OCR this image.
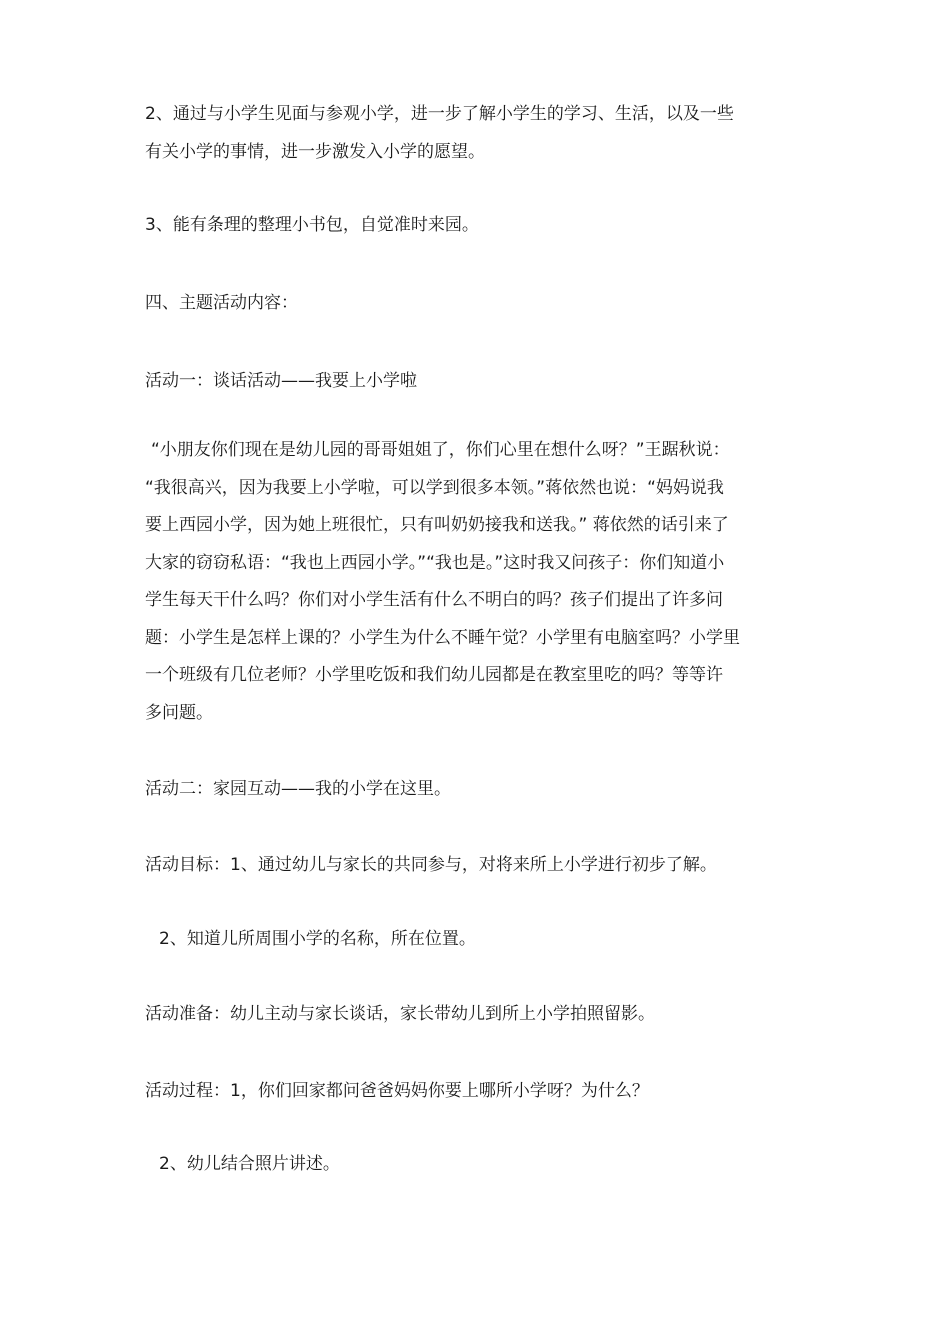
2、通过与小学生见面与参观小学，进一步了解小学生的学习、生活，以及一些
有关小学的事情，进一步激发入小学的愿望。

3、能有条理的整理小书包，自觉准时来园。

四、主题活动内容：

活动一：谈话活动——我要上小学啦

“小朋友你们现在是幼儿园的哥哥姐姐了，你们心里在想什么呀？”王踞秋说：
“我很高兴，因为我要上小学啦，可以学到很多本领。”蒋依然也说：“妈妈说我
要上西园小学，因为她上班很忙，只有叫奶奶接我和送我。” 蒋依然的话引来了
大家的窃窃私语：“我也上西园小学。”“我也是。”这时我又问孩子：你们知道小
学生每天干什么吗？你们对小学生活有什么不明白的吗？孩子们提出了许多问
题：小学生是怎样上课的？小学生为什么不睡午觉？小学里有电脑室吗？小学里
一个班级有几位老师？小学里吃饭和我们幼儿园都是在教室里吃的吗？等等许
多问题。

活动二：家园互动——我的小学在这里。

活动目标：1、通过幼儿与家长的共同参与，对将来所上小学进行初步了解。

2、知道儿所周围小学的名称，所在位置。

活动准备：幼儿主动与家长谈话，家长带幼儿到所上小学拍照留影。

活动过程：1，你们回家都问爸爸妈妈你要上哪所小学呀？为什么？

2、幼儿结合照片讲述。
